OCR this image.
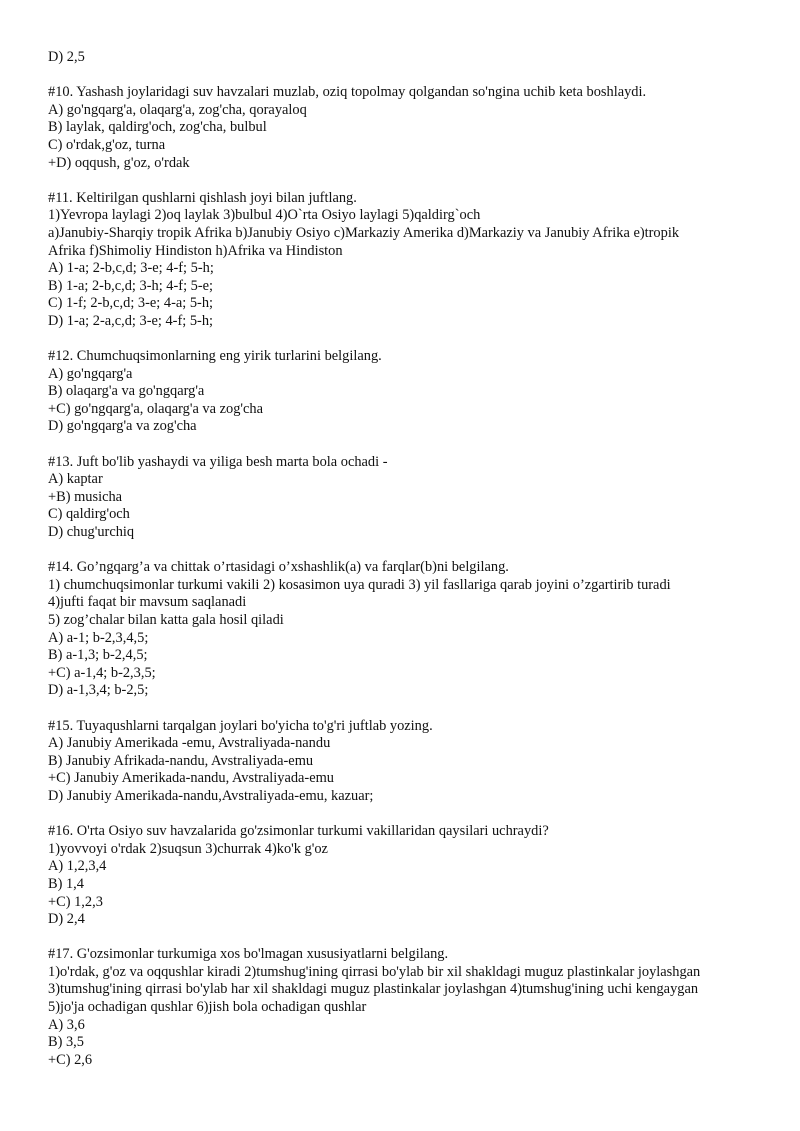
D) 2,5
#10. Yashash joylaridagi suv havzalari muzlab, oziq topolmay qolgandan so'ngina uchib keta boshlaydi.
A) go'ngqarg'a, olaqarg'a, zog'cha, qorayaloq
B) laylak, qaldirg'och, zog'cha, bulbul
C) o'rdak,g'oz, turna
+D) oqqush, g'oz, o'rdak
#11. Keltirilgan qushlarni qishlash joyi bilan juftlang.
1)Yevropa laylagi 2)oq laylak 3)bulbul 4)O`rta Osiyo laylagi 5)qaldirg`och
a)Janubiy-Sharqiy tropik Afrika b)Janubiy Osiyo c)Markaziy Amerika d)Markaziy va Janubiy Afrika e)tropik
Afrika f)Shimoliy Hindiston h)Afrika va Hindiston
A) 1-a; 2-b,c,d; 3-e; 4-f; 5-h;
B) 1-a; 2-b,c,d; 3-h; 4-f; 5-e;
C) 1-f; 2-b,c,d; 3-e; 4-a; 5-h;
D) 1-a; 2-a,c,d; 3-e; 4-f; 5-h;
#12. Chumchuqsimonlarning eng yirik turlarini belgilang.
A) go'ngqarg'a
B) olaqarg'a va go'ngqarg'a
+C) go'ngqarg'a, olaqarg'a va zog'cha
D) go'ngqarg'a va zog'cha
#13. Juft bo'lib yashaydi va yiliga besh marta bola ochadi -
A) kaptar
+B) musicha
C) qaldirg'och
D) chug'urchiq
#14. Go’ngqarg’a va chittak o’rtasidagi o’xshashlik(a) va farqlar(b)ni belgilang.
1) chumchuqsimonlar turkumi vakili 2) kosasimon uya quradi 3) yil fasllariga qarab joyini o’zgartirib turadi
4)jufti faqat bir mavsum saqlanadi
5) zog’chalar bilan katta gala hosil qiladi
A) a-1; b-2,3,4,5;
B) a-1,3; b-2,4,5;
+C) a-1,4; b-2,3,5;
D) a-1,3,4; b-2,5;
#15. Tuyaqushlarni tarqalgan joylari bo'yicha to'g'ri juftlab yozing.
A) Janubiy Amerikada -emu, Avstraliyada-nandu
B) Janubiy Afrikada-nandu, Avstraliyada-emu
+C) Janubiy Amerikada-nandu, Avstraliyada-emu
D) Janubiy Amerikada-nandu,Avstraliyada-emu, kazuar;
#16. O'rta Osiyo suv havzalarida go'zsimonlar turkumi vakillaridan qaysilari uchraydi?
1)yovvoyi o'rdak 2)suqsun 3)churrak 4)ko'k g'oz
A) 1,2,3,4
B) 1,4
+C) 1,2,3
D) 2,4
#17. G'ozsimonlar turkumiga xos bo'lmagan xususiyatlarni belgilang.
1)o'rdak, g'oz va oqqushlar kiradi 2)tumshug'ining qirrasi bo'ylab bir xil shakldagi muguz plastinkalar joylashgan
3)tumshug'ining qirrasi bo'ylab har xil shakldagi muguz plastinkalar joylashgan 4)tumshug'ining uchi kengaygan
5)jo'ja ochadigan qushlar 6)jish bola ochadigan qushlar
A) 3,6
B) 3,5
+C) 2,6
